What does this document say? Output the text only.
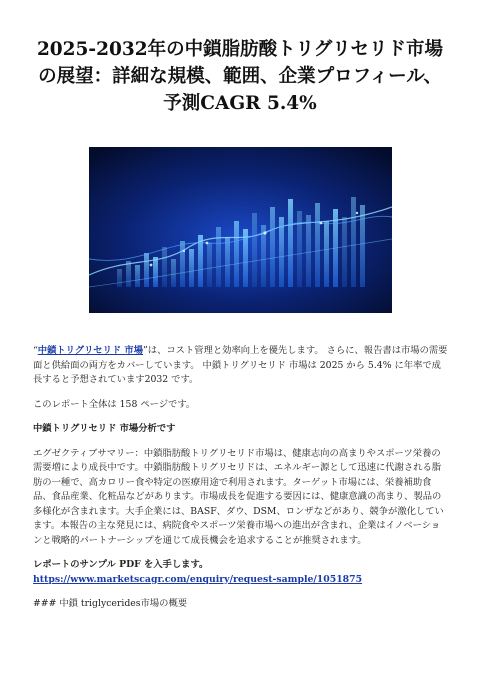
2025-2032年の中鎖脂肪酸トリグリセリド市場の展望：詳細な規模、範囲、企業プロフィール、予測CAGR 5.4%

“中鎖トリグリセリド 市場”は、コスト管理と効率向上を優先します。 さらに、報告書は市場の需要面と供給面の両方をカバーしています。 中鎖トリグリセリド 市場は 2025 から 5.4% に年率で成長すると予想されています2032 です。

このレポート全体は 158 ページです。

中鎖トリグリセリド 市場分析です

エグゼクティブサマリー：中鎖脂肪酸トリグリセリド市場は、健康志向の高まりやスポーツ栄養の需要増により成長中です。中鎖脂肪酸トリグリセリドは、エネルギー源として迅速に代謝される脂肪の一種で、高カロリー食や特定の医療用途で利用されます。ターゲット市場には、栄養補助食品、食品産業、化粧品などがあります。市場成長を促進する要因には、健康意識の高まり、製品の多様化が含まれます。大手企業には、BASF、ダウ、DSM、ロンザなどがあり、競争が激化しています。本報告の主な発見には、病院食やスポーツ栄養市場への進出が含まれ、企業はイノベーションと戦略的パートナーシップを通じて成長機会を追求することが推奨されます。

レポートのサンプル PDF を入手します。  https://www.marketscagr.com/enquiry/request-sample/1051875

### 中鎖 triglycerides市場の概要
